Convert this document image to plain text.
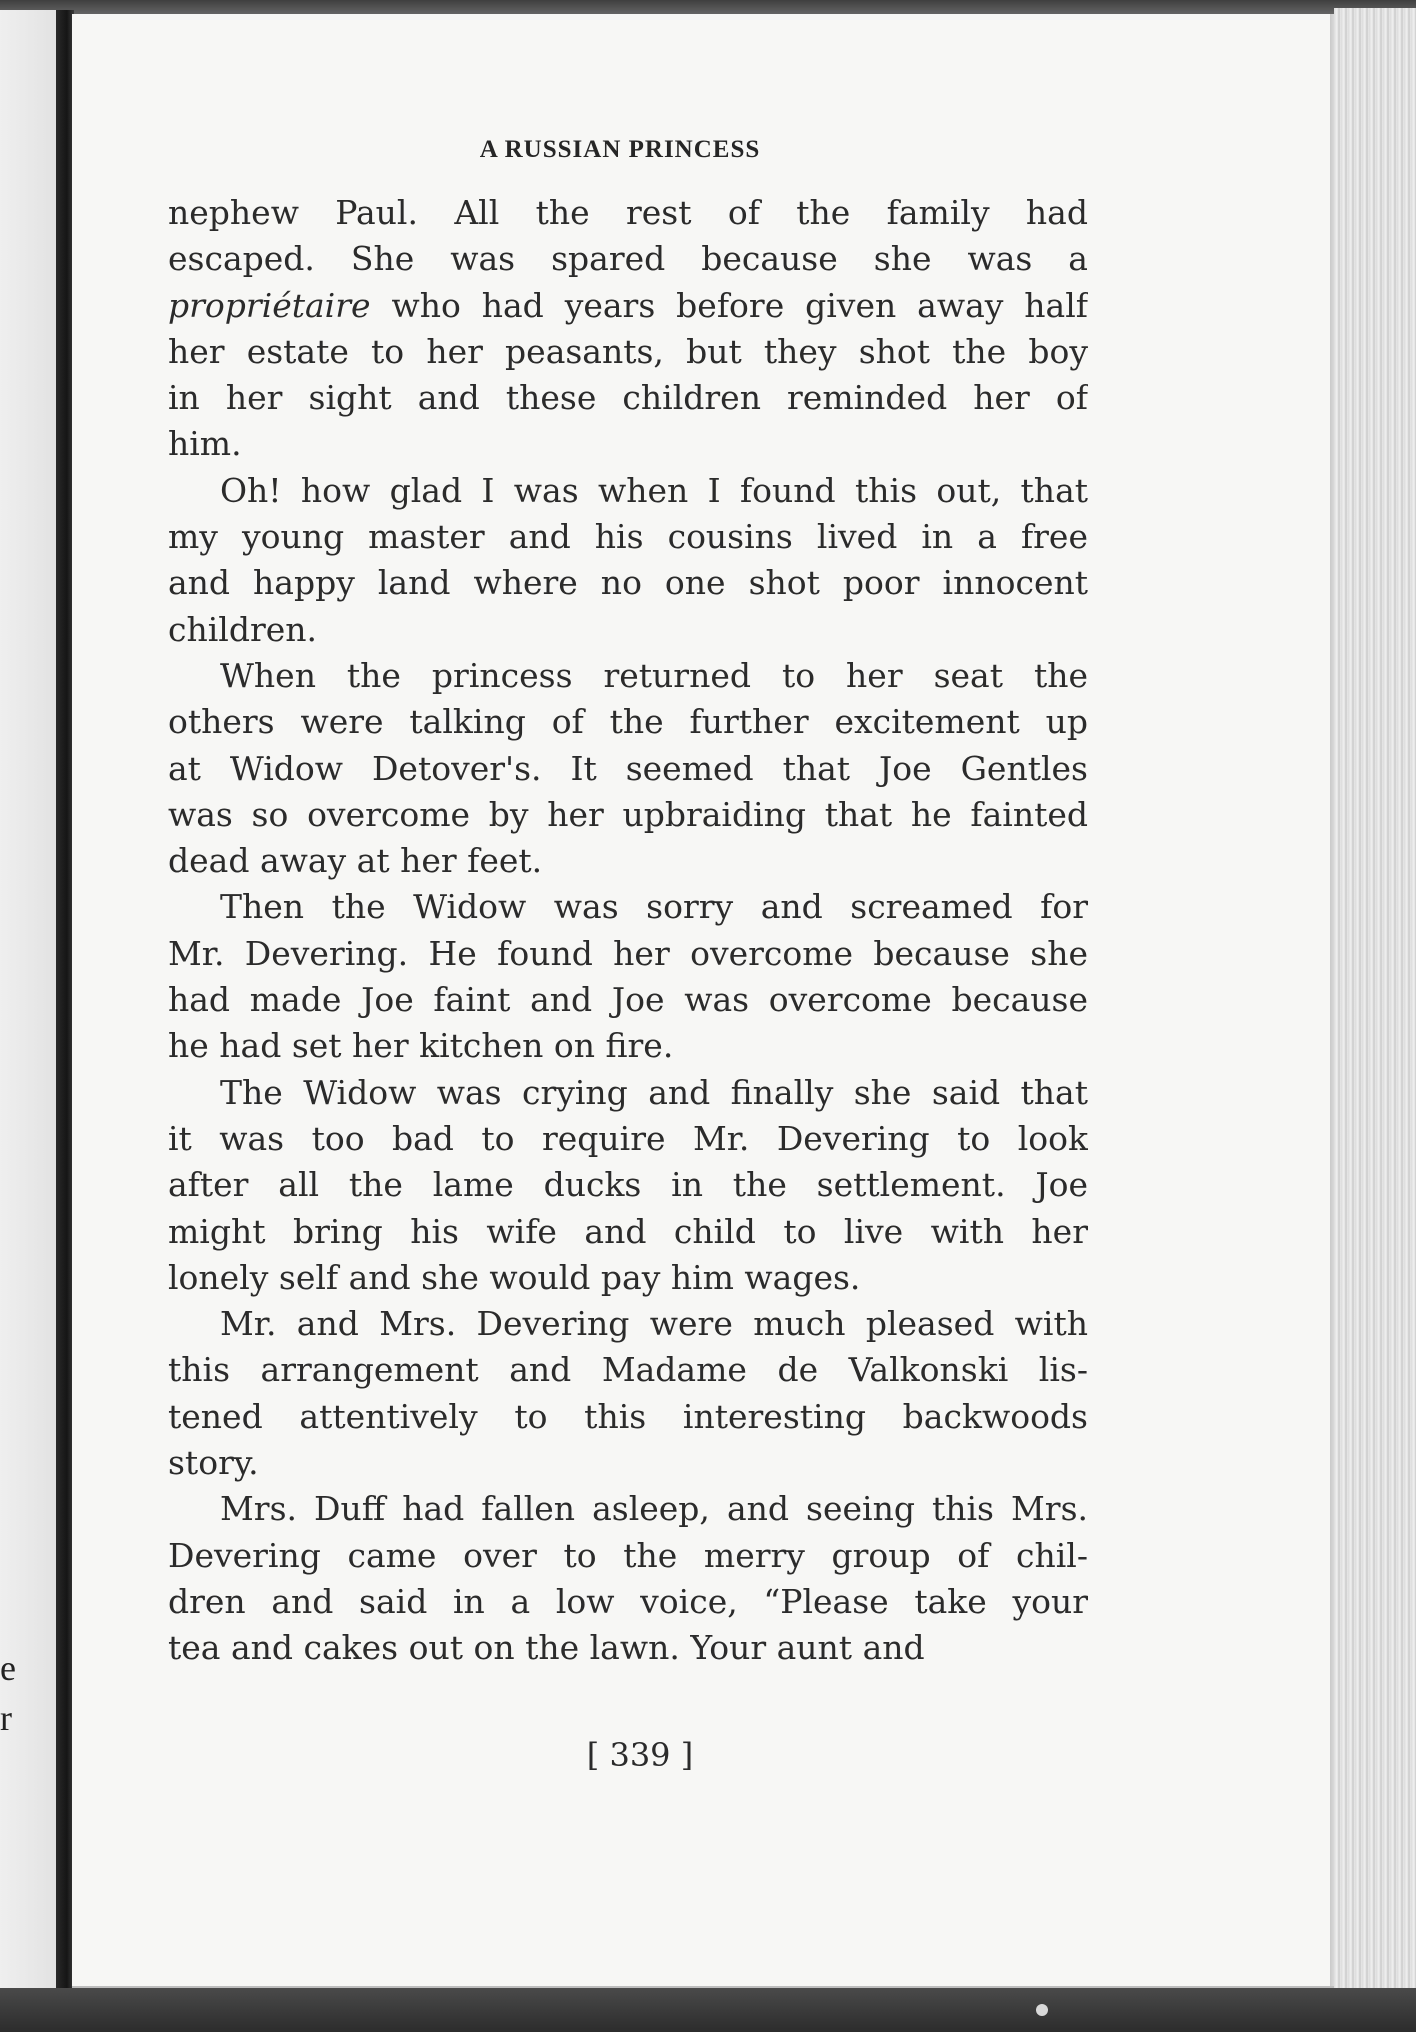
e
r
A RUSSIAN PRINCESS
nephew Paul. All the rest of the family had
escaped. She was spared because she was a
propriétaire who had years before given away half
her estate to her peasants, but they shot the boy
in her sight and these children reminded her of
him.
Oh! how glad I was when I found this out, that
my young master and his cousins lived in a free
and happy land where no one shot poor innocent
children.
When the princess returned to her seat the
others were talking of the further excitement up
at Widow Detover's. It seemed that Joe Gentles
was so overcome by her upbraiding that he fainted
dead away at her feet.
Then the Widow was sorry and screamed for
Mr. Devering. He found her overcome because she
had made Joe faint and Joe was overcome because
he had set her kitchen on fire.
The Widow was crying and finally she said that
it was too bad to require Mr. Devering to look
after all the lame ducks in the settlement. Joe
might bring his wife and child to live with her
lonely self and she would pay him wages.
Mr. and Mrs. Devering were much pleased with
this arrangement and Madame de Valkonski lis-
tened attentively to this interesting backwoods
story.
Mrs. Duff had fallen asleep, and seeing this Mrs.
Devering came over to the merry group of chil-
dren and said in a low voice, “Please take your
tea and cakes out on the lawn. Your aunt and
[ 339 ]
